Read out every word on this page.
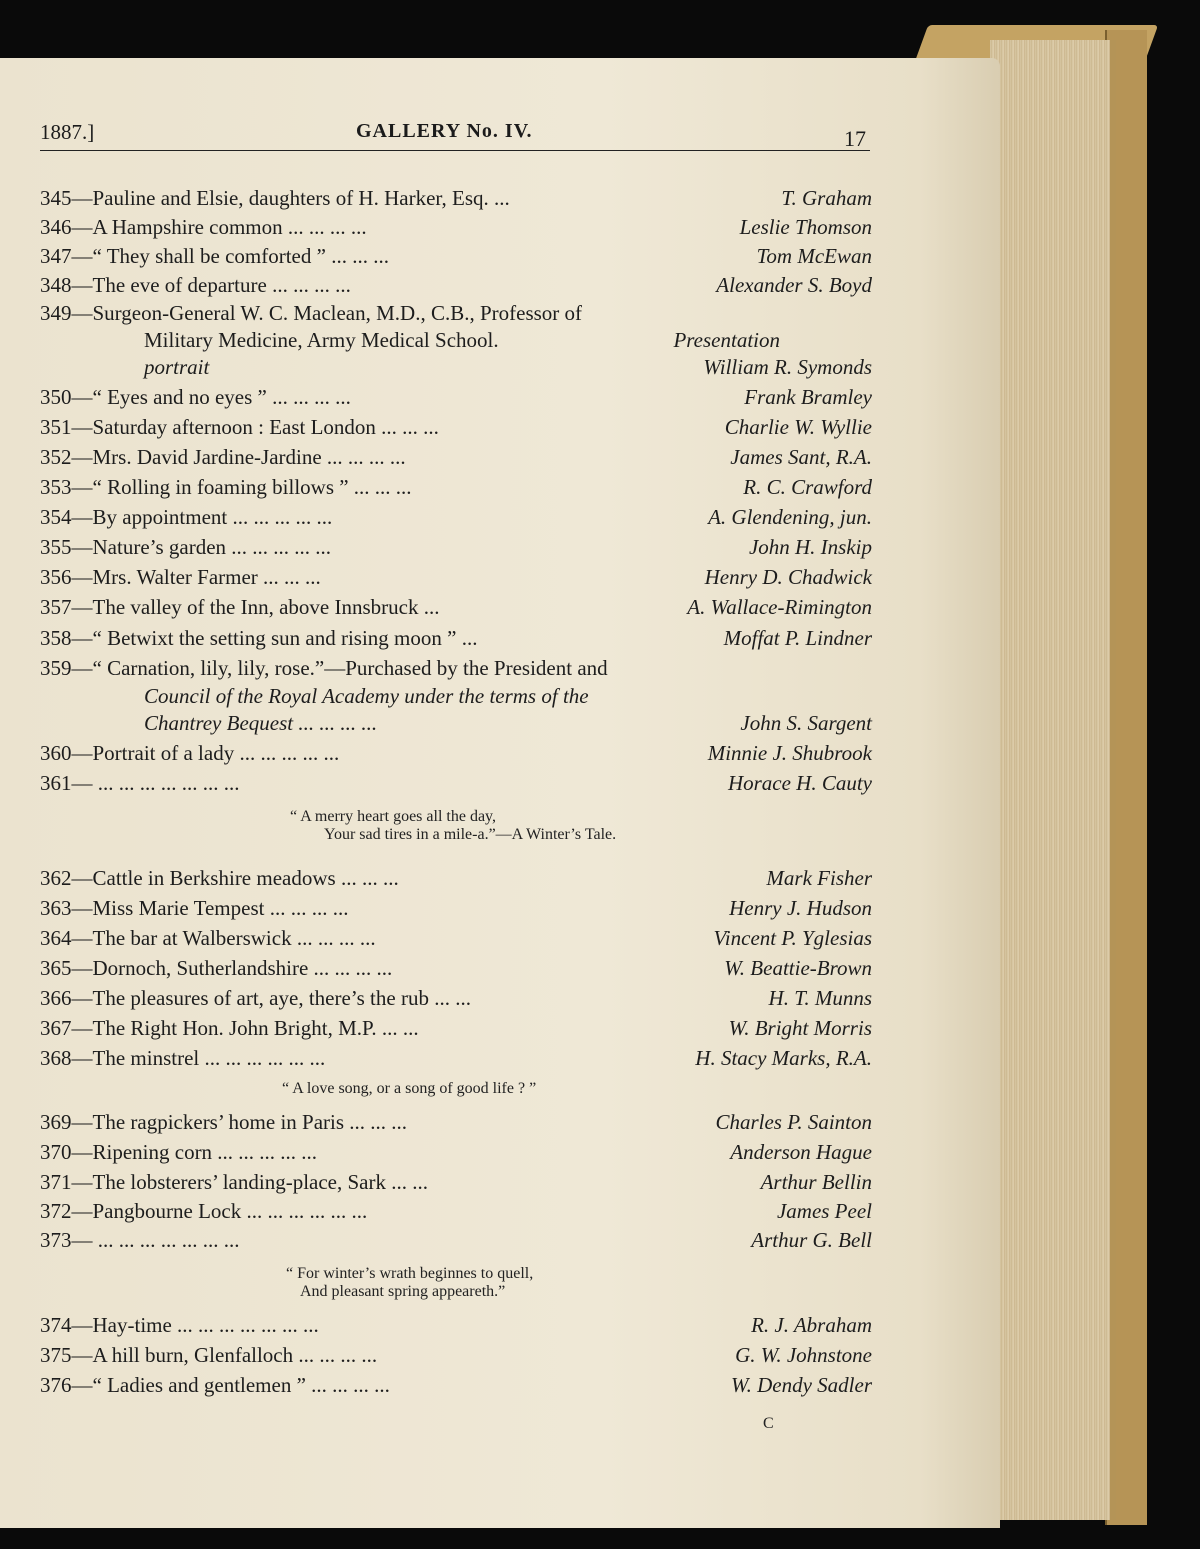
1887.]	GALLERY No. IV.	17
345—Pauline and Elsie, daughters of H. Harker, Esq. ...	T. Graham
346—A Hampshire common ... ... ... ...	Leslie Thomson
347—“ They shall be comforted ” ... ... ...	Tom McEwan
348—The eve of departure ... ... ... ...	Alexander S. Boyd
349—Surgeon-General W. C. Maclean, M.D., C.B., Professor of
Military Medicine, Army Medical School.	Presentation
portrait	William R. Symonds
350—“ Eyes and no eyes ” ... ... ... ...	Frank Bramley
351—Saturday afternoon : East London ... ... ...	Charlie W. Wyllie
352—Mrs. David Jardine-Jardine ... ... ... ...	James Sant, R.A.
353—“ Rolling in foaming billows ” ... ... ...	R. C. Crawford
354—By appointment ... ... ... ... ...	A. Glendening, jun.
355—Nature’s garden ... ... ... ... ...	John H. Inskip
356—Mrs. Walter Farmer ... ... ...	Henry D. Chadwick
357—The valley of the Inn, above Innsbruck ...	A. Wallace-Rimington
358—“ Betwixt the setting sun and rising moon ” ...	Moffat P. Lindner
359—“ Carnation, lily, lily, rose.”—Purchased by the President and
Council of the Royal Academy under the terms of the
Chantrey Bequest ... ... ... ...	John S. Sargent
360—Portrait of a lady ... ... ... ... ...	Minnie J. Shubrook
361— ... ... ... ... ... ... ...	Horace H. Cauty
“ A merry heart goes all the day,
Your sad tires in a mile-a.”—A Winter’s Tale.
362—Cattle in Berkshire meadows ... ... ...	Mark Fisher
363—Miss Marie Tempest ... ... ... ...	Henry J. Hudson
364—The bar at Walberswick ... ... ... ...	Vincent P. Yglesias
365—Dornoch, Sutherlandshire ... ... ... ...	W. Beattie-Brown
366—The pleasures of art, aye, there’s the rub ... ...	H. T. Munns
367—The Right Hon. John Bright, M.P. ... ...	W. Bright Morris
368—The minstrel ... ... ... ... ... ...	H. Stacy Marks, R.A.
“ A love song, or a song of good life ? ”
369—The ragpickers’ home in Paris ... ... ...	Charles P. Sainton
370—Ripening corn ... ... ... ... ...	Anderson Hague
371—The lobsterers’ landing-place, Sark ... ...	Arthur Bellin
372—Pangbourne Lock ... ... ... ... ... ...	James Peel
373— ... ... ... ... ... ... ...	Arthur G. Bell
“ For winter’s wrath beginnes to quell,
And pleasant spring appeareth.”
374—Hay-time ... ... ... ... ... ... ...	R. J. Abraham
375—A hill burn, Glenfalloch ... ... ... ...	G. W. Johnstone
376—“ Ladies and gentlemen ” ... ... ... ...	W. Dendy Sadler
C
